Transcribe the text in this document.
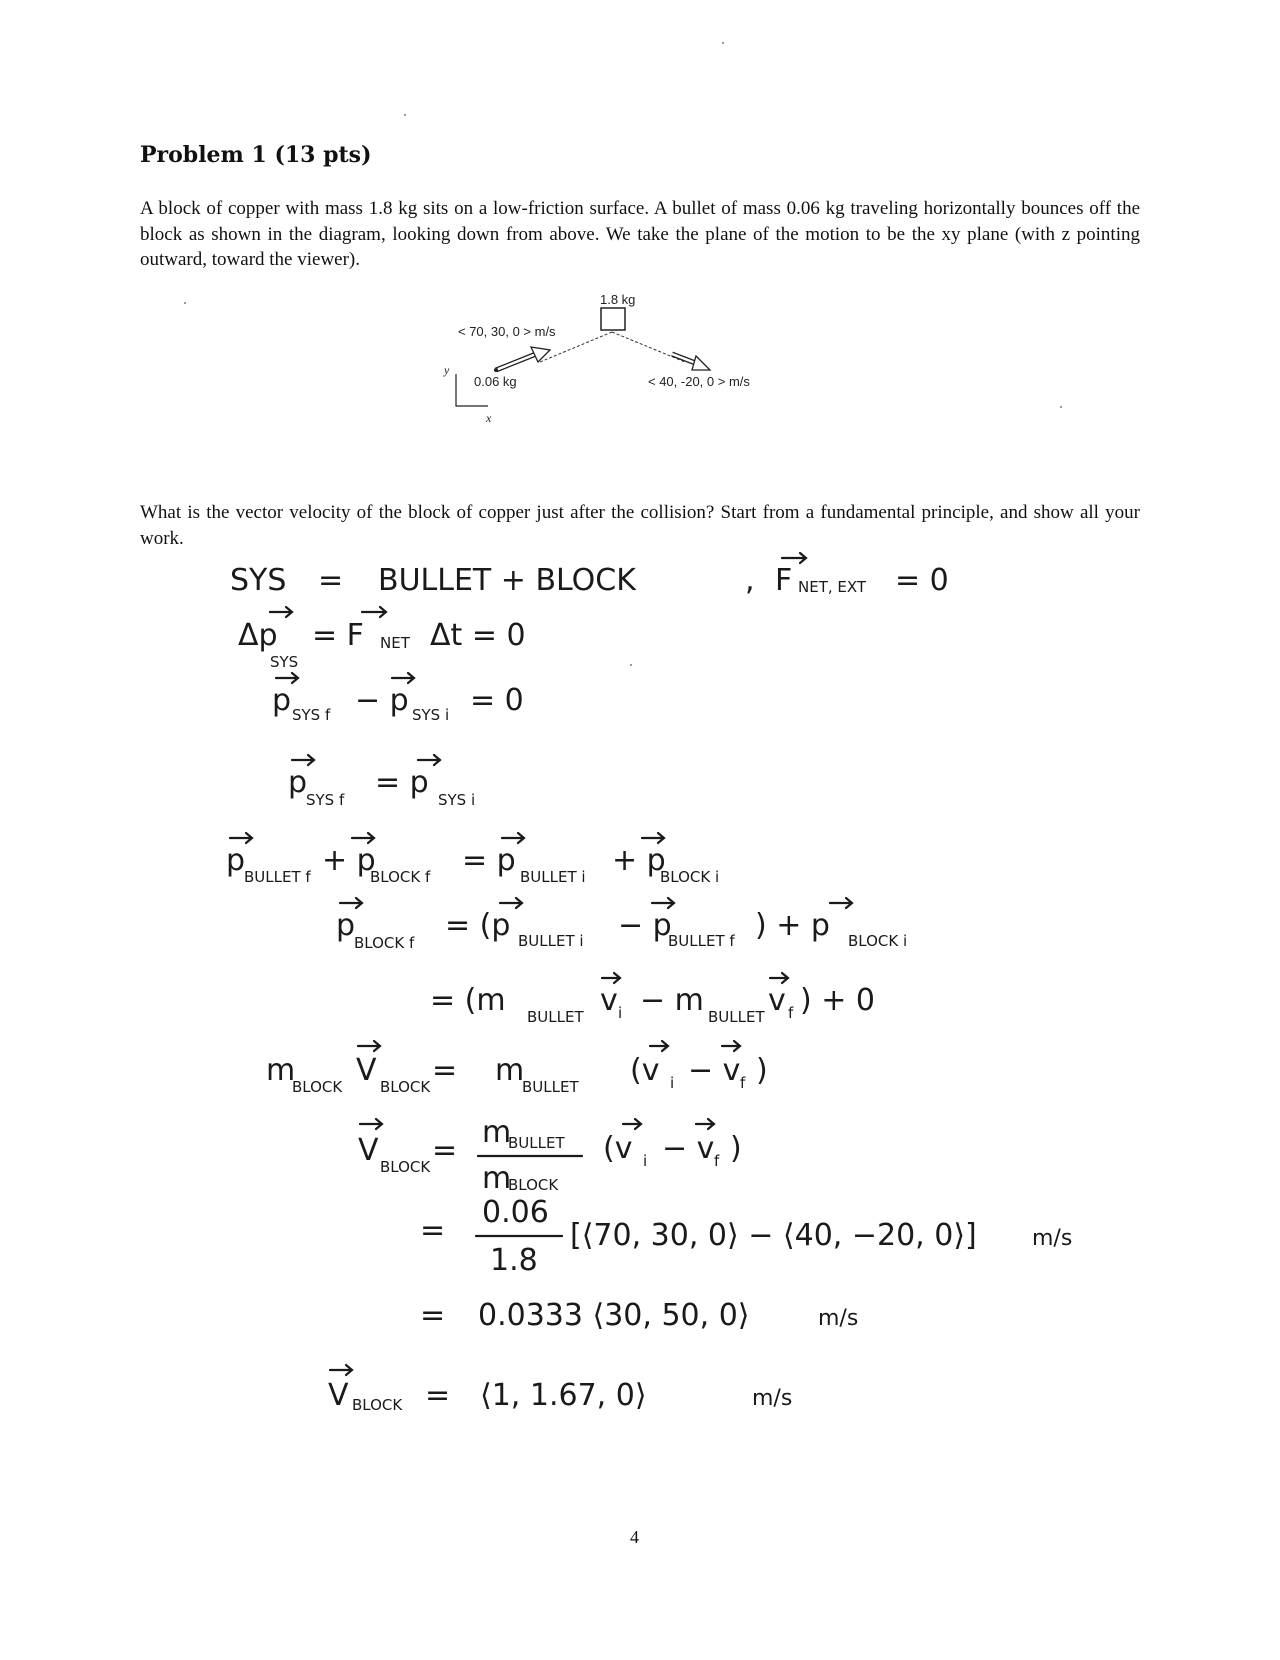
Problem 1 (13 pts)
A block of copper with mass 1.8 kg sits on a low-friction surface. A bullet of mass 0.06 kg traveling horizontally bounces off the block as shown in the diagram, looking down from above. We take the plane of the motion to be the xy plane (with z pointing outward, toward the viewer).
1.8 kg
< 70, 30, 0 > m/s
0.06 kg	< 40, -20, 0 > m/s
y
x
What is the vector velocity of the block of copper just after the collision? Start from a fundamental principle, and show all your work.
SYS = BULLET + BLOCK	, F NET, EXT = 0
Δp
SYS
= F NET Δt = 0
p SYS f − p SYS i = 0
p
SYS f = p SYS i
p
BULLET f + p
BLOCK f = p BULLET i + p
BLOCK i
p
BLOCK f = (p BULLET i − p
BULLET f ) + p BLOCK i
= (m BULLET v i − m BULLET v f ) + 0
m
BLOCK V BLOCK = m
BULLET (v i − v f )
V BLOCK =
m
BULLET
m
BLOCK
(v i − v f )
=
0.06
1.8
[⟨70, 30, 0⟩ − ⟨40, −20, 0⟩]	m/s
= 0.0333 ⟨30, 50, 0⟩	m/s
V BLOCK = ⟨1, 1.67, 0⟩	m/s
4
